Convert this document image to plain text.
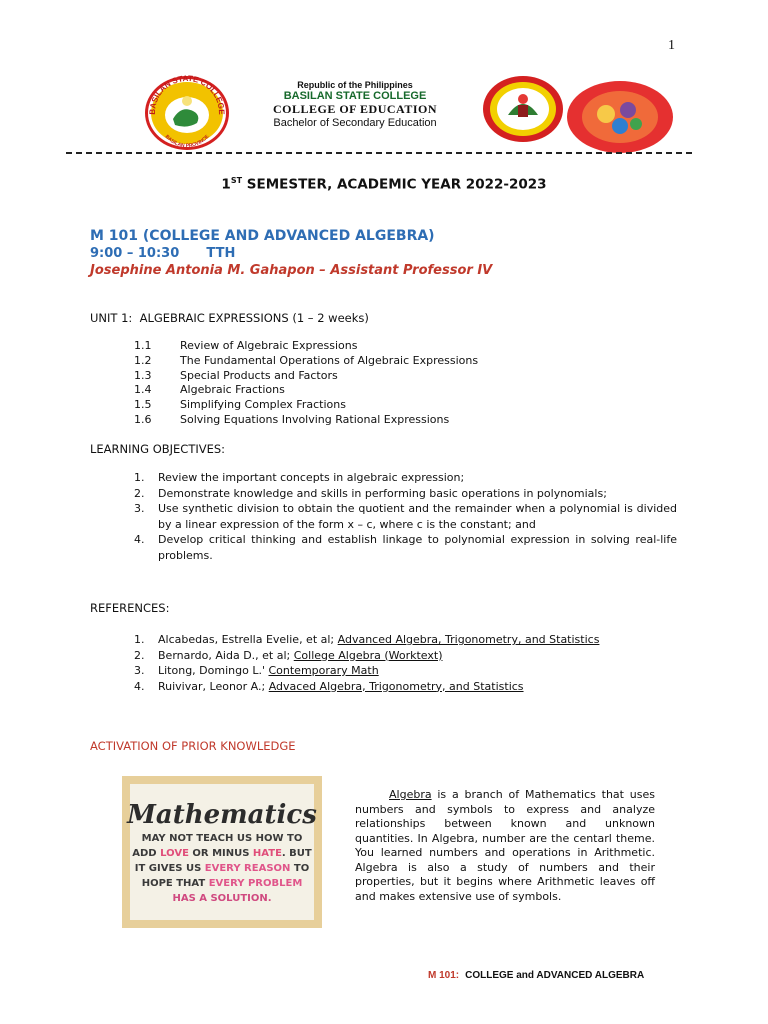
1
BASILAN STATE COLLEGE
BASILAN PROVINCE
Republic of the Philippines
BASILAN STATE COLLEGE
COLLEGE OF EDUCATION
Bachelor of Secondary Education
1ST SEMESTER, ACADEMIC YEAR 2022-2023
M 101 (COLLEGE AND ADVANCED ALGEBRA)
9:00 – 10:30      TTH
Josephine Antonia M. Gahapon – Assistant Professor IV
UNIT 1:  ALGEBRAIC EXPRESSIONS (1 – 2 weeks)
1.1	Review of Algebraic Expressions
1.2	The Fundamental Operations of Algebraic Expressions
1.3	Special Products and Factors
1.4	Algebraic Fractions
1.5	Simplifying Complex Fractions
1.6	Solving Equations Involving Rational Expressions
LEARNING OBJECTIVES:
1.	Review the important concepts in algebraic expression;
2.	Demonstrate knowledge and skills in performing basic operations in polynomials;
3.	Use synthetic division to obtain the quotient and the remainder when a polynomial is divided by a linear expression of the form x – c, where c is the constant; and
4.	Develop critical thinking and establish linkage to polynomial expression in solving real-life problems.
REFERENCES:
1. Alcabedas, Estrella Evelie, et al; Advanced Algebra, Trigonometry, and Statistics
2. Bernardo, Aida D., et al; College Algebra (Worktext)
3. Litong, Domingo L.' Contemporary Math
4. Ruivivar, Leonor A.; Advaced Algebra, Trigonometry, and Statistics
ACTIVATION OF PRIOR KNOWLEDGE
Mathematics
MAY NOT TEACH US HOW TO
ADD LOVE OR MINUS HATE. BUT
IT GIVES US EVERY REASON TO
HOPE THAT EVERY PROBLEM
HAS A SOLUTION.
Algebra is a branch of Mathematics that uses numbers and symbols to express and analyze relationships between known and unknown quantities. In Algebra, number are the centarl theme. You learned numbers and operations in Arithmetic. Algebra is also a study of numbers and their properties, but it begins where Arithmetic leaves off and makes extensive use of symbols.
M 101: COLLEGE and ADVANCED ALGEBRA
